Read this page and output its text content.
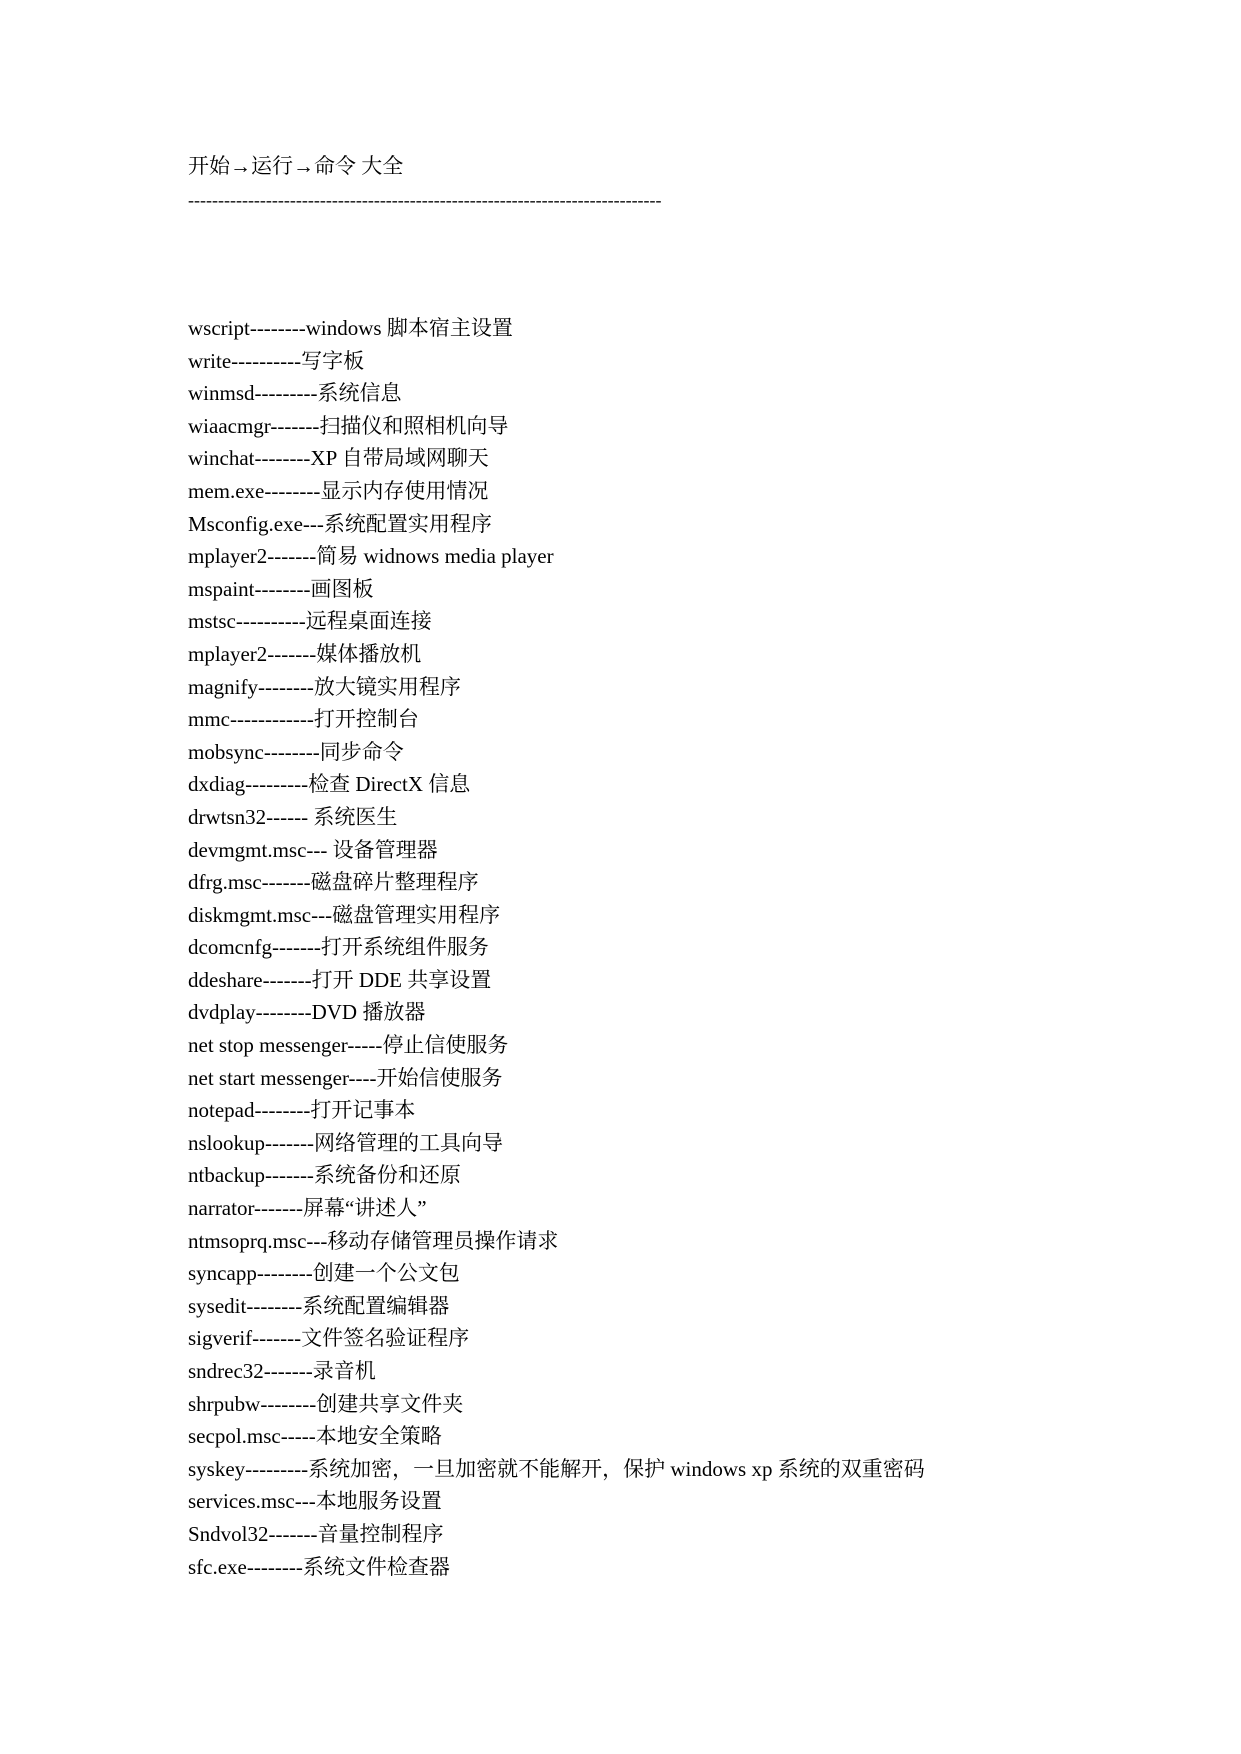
开始→运行→命令 大全
-------------------------------------------------------------------------------
wscript--------windows 脚本宿主设置
write----------写字板
winmsd---------系统信息
wiaacmgr-------扫描仪和照相机向导
winchat--------XP 自带局域网聊天
mem.exe--------显示内存使用情况
Msconfig.exe---系统配置实用程序
mplayer2-------简易 widnows media player
mspaint--------画图板
mstsc----------远程桌面连接
mplayer2-------媒体播放机
magnify--------放大镜实用程序
mmc------------打开控制台
mobsync--------同步命令
dxdiag---------检查 DirectX 信息
drwtsn32------ 系统医生
devmgmt.msc--- 设备管理器
dfrg.msc-------磁盘碎片整理程序
diskmgmt.msc---磁盘管理实用程序
dcomcnfg-------打开系统组件服务
ddeshare-------打开 DDE 共享设置
dvdplay--------DVD 播放器
net stop messenger-----停止信使服务
net start messenger----开始信使服务
notepad--------打开记事本
nslookup-------网络管理的工具向导
ntbackup-------系统备份和还原
narrator-------屏幕“讲述人”
ntmsoprq.msc---移动存储管理员操作请求
syncapp--------创建一个公文包
sysedit--------系统配置编辑器
sigverif-------文件签名验证程序
sndrec32-------录音机
shrpubw--------创建共享文件夹
secpol.msc-----本地安全策略
syskey---------系统加密，一旦加密就不能解开，保护 windows xp 系统的双重密码
services.msc---本地服务设置
Sndvol32-------音量控制程序
sfc.exe--------系统文件检查器
